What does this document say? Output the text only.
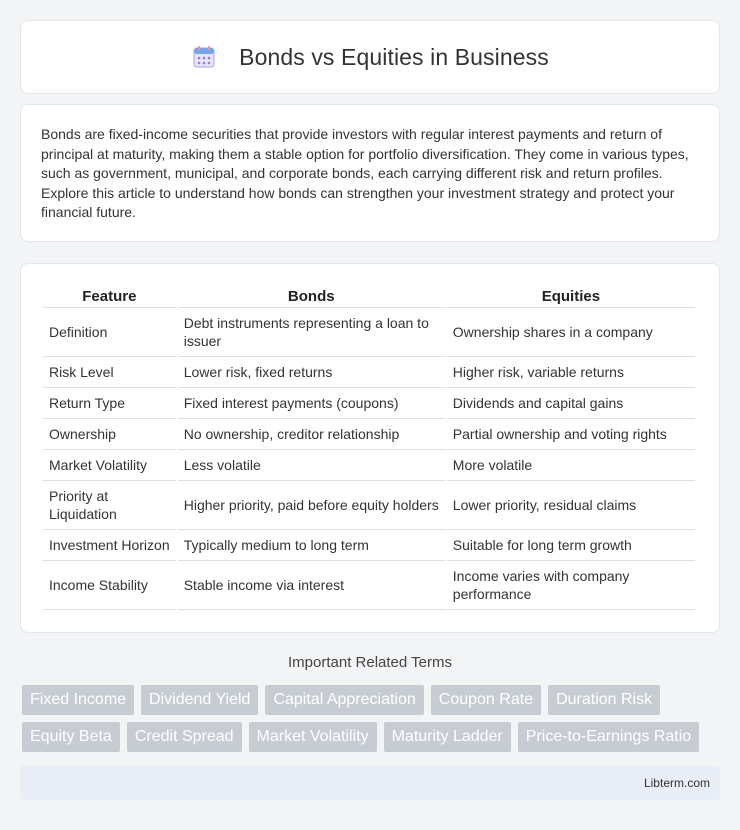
Bonds vs Equities in Business

Bonds are fixed-income securities that provide investors with regular interest payments and return of principal at maturity, making them a stable option for portfolio diversification. They come in various types, such as government, municipal, and corporate bonds, each carrying different risk and return profiles. Explore this article to understand how bonds can strengthen your investment strategy and protect your financial future.

Feature	Bonds	Equities
Definition	Debt instruments representing a loan to issuer	Ownership shares in a company
Risk Level	Lower risk, fixed returns	Higher risk, variable returns
Return Type	Fixed interest payments (coupons)	Dividends and capital gains
Ownership	No ownership, creditor relationship	Partial ownership and voting rights
Market Volatility	Less volatile	More volatile
Priority at Liquidation	Higher priority, paid before equity holders	Lower priority, residual claims
Investment Horizon	Typically medium to long term	Suitable for long term growth
Income Stability	Stable income via interest	Income varies with company performance
Important Related Terms
Fixed Income	Dividend Yield	Capital Appreciation	Coupon Rate	Duration Risk
Equity Beta	Credit Spread	Market Volatility	Maturity Ladder	Price-to-Earnings Ratio
Libterm.com
